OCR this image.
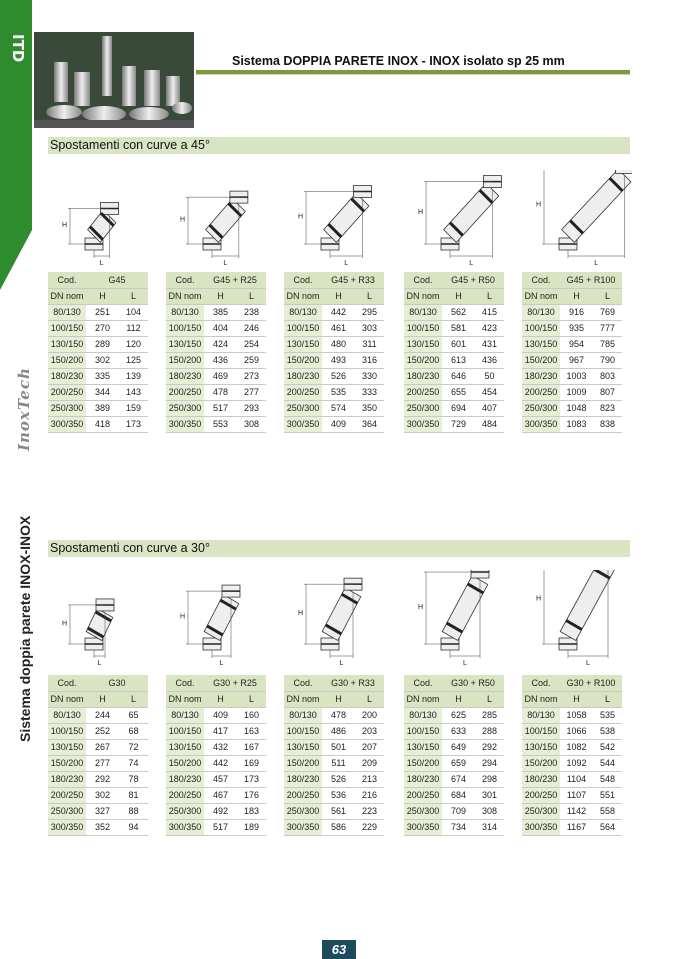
ITD
InoxTech
Sistema doppia parete INOX-INOX
Sistema DOPPIA PARETE INOX - INOX isolato sp 25 mm
Spostamenti con curve a 45°
Spostamenti con curve a 30°
H
L
H
L
H
L
H
L
H
L
H
L
H
L
H
L
H
L
H
L
Cod.	G45	
DN nom	H	L
80/130	251	104
100/150	270	112
130/150	289	120
150/200	302	125
180/230	335	139
200/250	344	143
250/300	389	159
300/350	418	173
Cod.	G45 + R25	
DN nom	H	L
80/130	385	238
100/150	404	246
130/150	424	254
150/200	436	259
180/230	469	273
200/250	478	277
250/300	517	293
300/350	553	308
Cod.	G45 + R33	
DN nom	H	L
80/130	442	295
100/150	461	303
130/150	480	311
150/200	493	316
180/230	526	330
200/250	535	333
250/300	574	350
300/350	409	364
Cod.	G45 + R50	
DN nom	H	L
80/130	562	415
100/150	581	423
130/150	601	431
150/200	613	436
180/230	646	50
200/250	655	454
250/300	694	407
300/350	729	484
Cod.	G45 + R100	
DN nom	H	L
80/130	916	769
100/150	935	777
130/150	954	785
150/200	967	790
180/230	1003	803
200/250	1009	807
250/300	1048	823
300/350	1083	838
Cod.	G30	
DN nom	H	L
80/130	244	65
100/150	252	68
130/150	267	72
150/200	277	74
180/230	292	78
200/250	302	81
250/300	327	88
300/350	352	94
Cod.	G30 + R25	
DN nom	H	L
80/130	409	160
100/150	417	163
130/150	432	167
150/200	442	169
180/230	457	173
200/250	467	176
250/300	492	183
300/350	517	189
Cod.	G30 + R33	
DN nom	H	L
80/130	478	200
100/150	486	203
130/150	501	207
150/200	511	209
180/230	526	213
200/250	536	216
250/300	561	223
300/350	586	229
Cod.	G30 + R50	
DN nom	H	L
80/130	625	285
100/150	633	288
130/150	649	292
150/200	659	294
180/230	674	298
200/250	684	301
250/300	709	308
300/350	734	314
Cod.	G30 + R100	
DN nom	H	L
80/130	1058	535
100/150	1066	538
130/150	1082	542
150/200	1092	544
180/230	1104	548
200/250	1107	551
250/300	1142	558
300/350	1167	564
63
